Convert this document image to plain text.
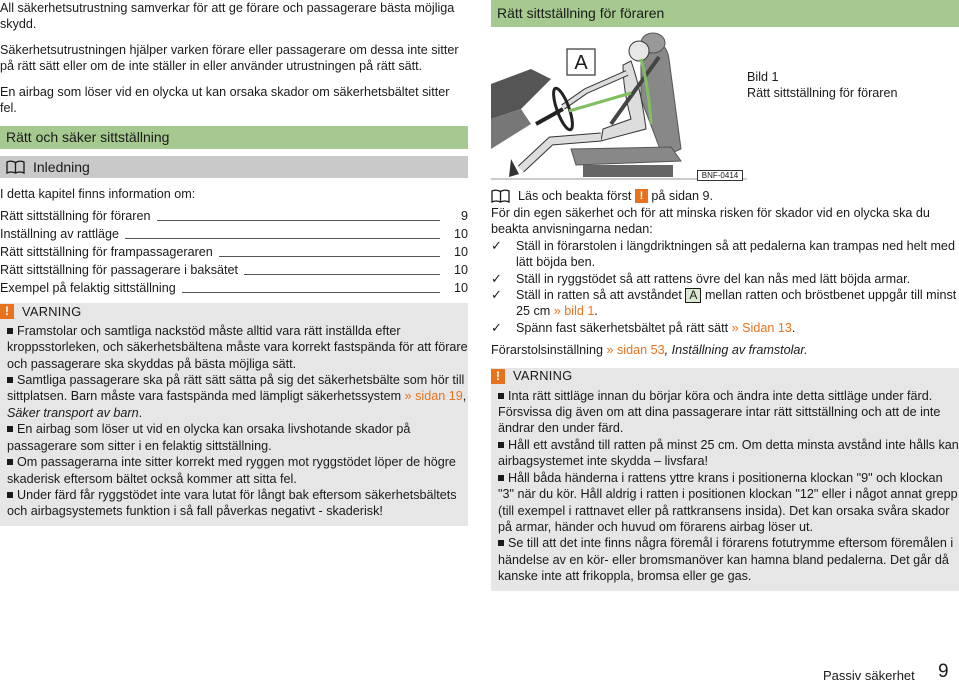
All säkerhetsutrustning samverkar för att ge förare och passagerare bästa möjliga skydd.

Säkerhetsutrustningen hjälper varken förare eller passagerare om dessa inte sitter på rätt sätt eller om de inte ställer in eller använder utrustningen på rätt sätt.

En airbag som löser vid en olycka ut kan orsaka skador om säkerhetsbältet sitter fel.

Rätt och säker sittställning
Inledning

I detta kapitel finns information om:

Rätt sittställning för föraren	9
Inställning av rattläge	10
Rätt sittställning för frampassageraren	10
Rätt sittställning för passagerare i baksätet	10
Exempel på felaktig sittställning	10
!	VARNING

Framstolar och samtliga nackstöd måste alltid vara rätt inställda efter kroppsstorleken, och säkerhetsbältena måste vara korrekt fastspända för att förare och passagerare ska skyddas på bästa möjliga sätt.

Samtliga passagerare ska på rätt sätt sätta på sig det säkerhetsbälte som hör till sittplatsen. Barn måste vara fastspända med lämpligt säkerhetssystem » sidan 19, Säker transport av barn.

En airbag som löser ut vid en olycka kan orsaka livshotande skador på passagerare som sitter i en felaktig sittställning.

Om passagerarna inte sitter korrekt med ryggen mot ryggstödet löper de högre skaderisk eftersom bältet också kommer att sitta fel.

Under färd får ryggstödet inte vara lutat för långt bak eftersom säkerhetsbältets och airbagsystemets funktion i så fall påverkas negativt - skaderisk!

Rätt sittställning för föraren
A

Bild 1

Rätt sittställning för föraren

BNF-0414
Läs och beakta först
!
på sidan 9.

För din egen säkerhet och för att minska risken för skador vid en olycka ska du beakta anvisningarna nedan:

✓	Ställ in förarstolen i längdriktningen så att pedalerna kan trampas ned helt med lätt böjda ben.

✓	Ställ in ryggstödet så att rattens övre del kan nås med lätt böjda armar.

✓	Ställ in ratten så att avståndet A mellan ratten och bröstbenet uppgår till minst 25 cm » bild 1.

✓	Spänn fast säkerhetsbältet på rätt sätt » Sidan 13.

Förarstolsinställning » sidan 53, Inställning av framstolar.

!	VARNING

Inta rätt sittläge innan du börjar köra och ändra inte detta sittläge under färd. Försvissa dig även om att dina passagerare intar rätt sittställning och att de inte ändrar den under färd.

Håll ett avstånd till ratten på minst 25 cm. Om detta minsta avstånd inte hålls kan airbagsystemet inte skydda – livsfara!

Håll båda händerna i rattens yttre krans i positionerna klockan "9" och klockan "3" när du kör. Håll aldrig i ratten i positionen klockan "12" eller i något annat grepp (till exempel i rattnavet eller på rattkransens insida). Det kan orsaka svåra skador på armar, händer och huvud om förarens airbag löser ut.

Se till att det inte finns några föremål i förarens fotutrymme eftersom föremålen i händelse av en kör- eller bromsmanöver kan hamna bland pedalerna. Det går då kanske inte att frikoppla, bromsa eller ge gas.

Passiv säkerhet 9
